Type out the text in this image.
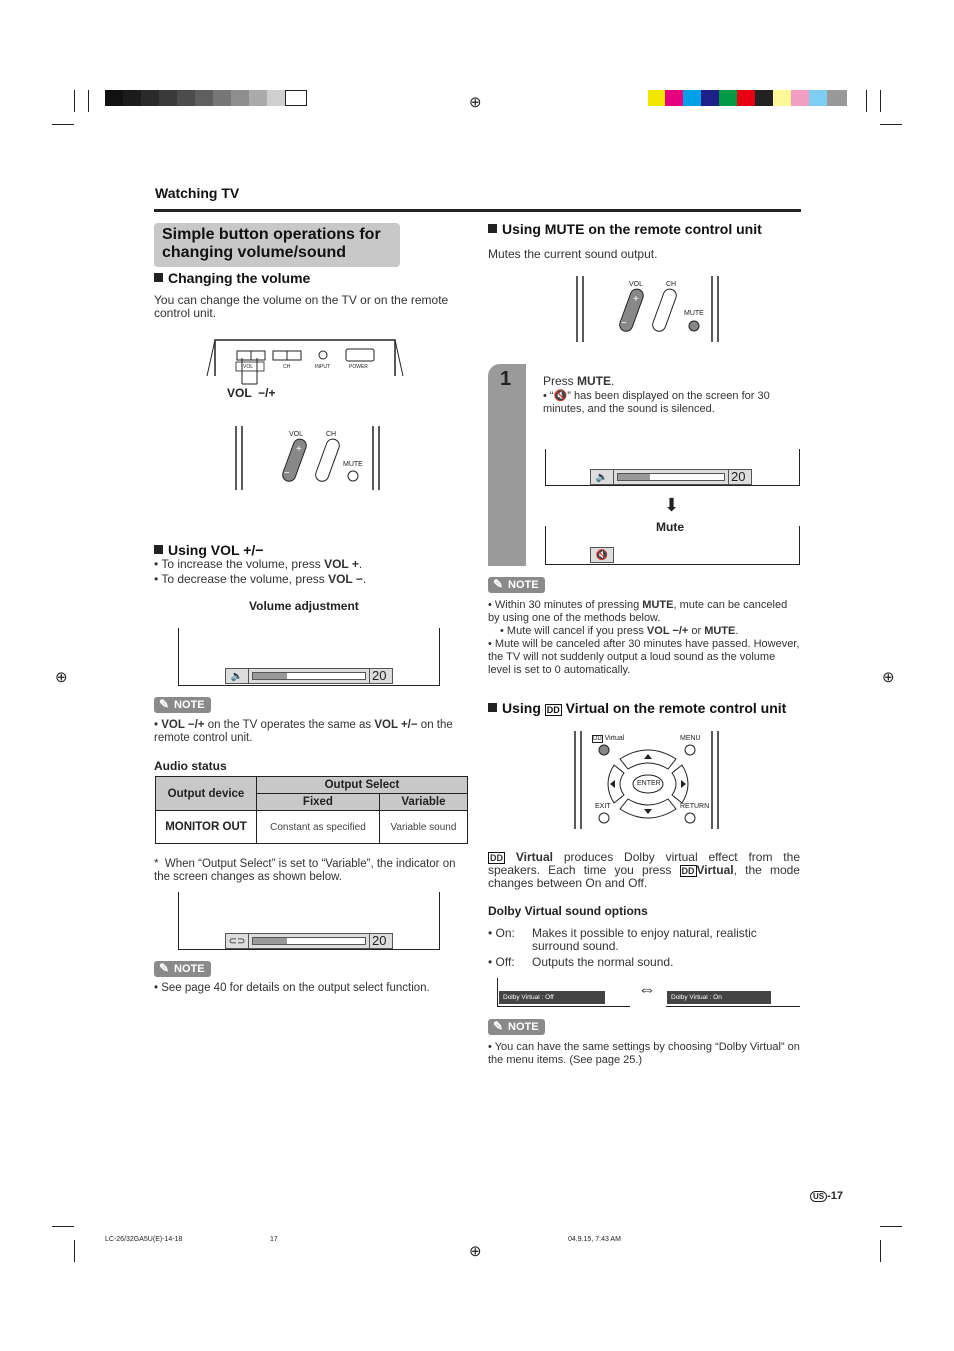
⊕
⊕	⊕
⊕
Watching TV
Simple button operations for
changing volume/sound
Changing the volume
You can change the volume on the TV or on the remote control unit.
VOL	CH	INPUT	POWER
VOL  −/+
+
−
VOL	CH
MUTE
Using VOL +/−
• To increase the volume, press VOL +.
• To decrease the volume, press VOL −.
Volume adjustment
🔈	20
✎ NOTE
• VOL −/+ on the TV operates the same as VOL +/− on the remote control unit.
Audio status
Output device	Output Select	
	Fixed	Variable
MONITOR OUT	Constant as specified	Variable sound
* When “Output Select” is set to “Variable”, the indicator on the screen changes as shown below.
⊂⊃	20
✎ NOTE
• See page 40 for details on the output select function.
Using MUTE on the remote control unit
Mutes the current sound output.
+
−
VOL	CH
MUTE
1	Press MUTE.
• “🔇” has been displayed on the screen for 30 minutes, and the sound is silenced.
🔈	20
⬇
Mute
🔇
✎ NOTE
• Within 30 minutes of pressing MUTE, mute can be canceled by using one of the methods below.
• Mute will cancel if you press VOL −/+ or MUTE.
• Mute will be canceled after 30 minutes have passed. However, the TV will not suddenly output a loud sound as the volume level is set to 0 automatically.
Using DD Virtual on the remote control unit
DD Virtual	MENU
ENTER
EXIT	RETURN
DD Virtual produces Dolby virtual effect from the speakers. Each time you press DD Virtual, the mode changes between On and Off.
Dolby Virtual sound options
• On: Makes it possible to enjoy natural, realistic surround sound.
• Off: Outputs the normal sound.
Dolby Virtual : Off	⇔	Dolby Virtual : On
✎ NOTE
• You can have the same settings by choosing “Dolby Virtual” on the menu items. (See page 25.)
US -17
LC-26/32GA5U(E)-14-18	17	04.9.15, 7:43 AM
